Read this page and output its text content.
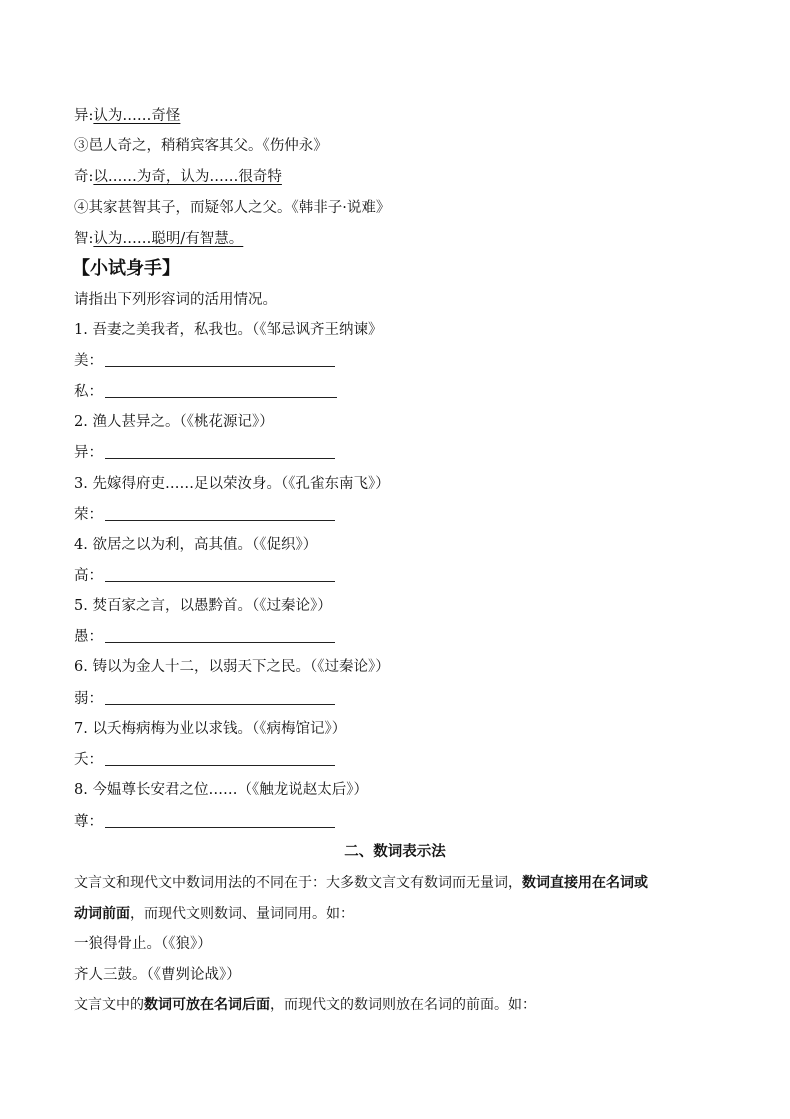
异:认为……奇怪
③邑人奇之，稍稍宾客其父。《伤仲永》
奇:以……为奇，认为……很奇特
④其家甚智其子，而疑邻人之父。《韩非子·说难》
智:认为……聪明/有智慧。
【小试身手】
请指出下列形容词的活用情况。
1. 吾妻之美我者，私我也。（《邹忌讽齐王纳谏》
美：
私：
2. 渔人甚异之。（《桃花源记》）
异：
3. 先嫁得府吏……足以荣汝身。（《孔雀东南飞》）
荣：
4. 欲居之以为利，高其值。（《促织》）
高：
5. 焚百家之言，以愚黔首。（《过秦论》）
愚：
6. 铸以为金人十二，以弱天下之民。（《过秦论》）
弱：
7. 以夭梅病梅为业以求钱。（《病梅馆记》）
夭：
8. 今媪尊长安君之位……（《触龙说赵太后》）
尊：
二、数词表示法
文言文和现代文中数词用法的不同在于：大多数文言文有数词而无量词，数词直接用在名词或
动词前面，而现代文则数词、量词同用。如：
一狼得骨止。（《狼》）
齐人三鼓。（《曹刿论战》）
文言文中的数词可放在名词后面，而现代文的数词则放在名词的前面。如：
